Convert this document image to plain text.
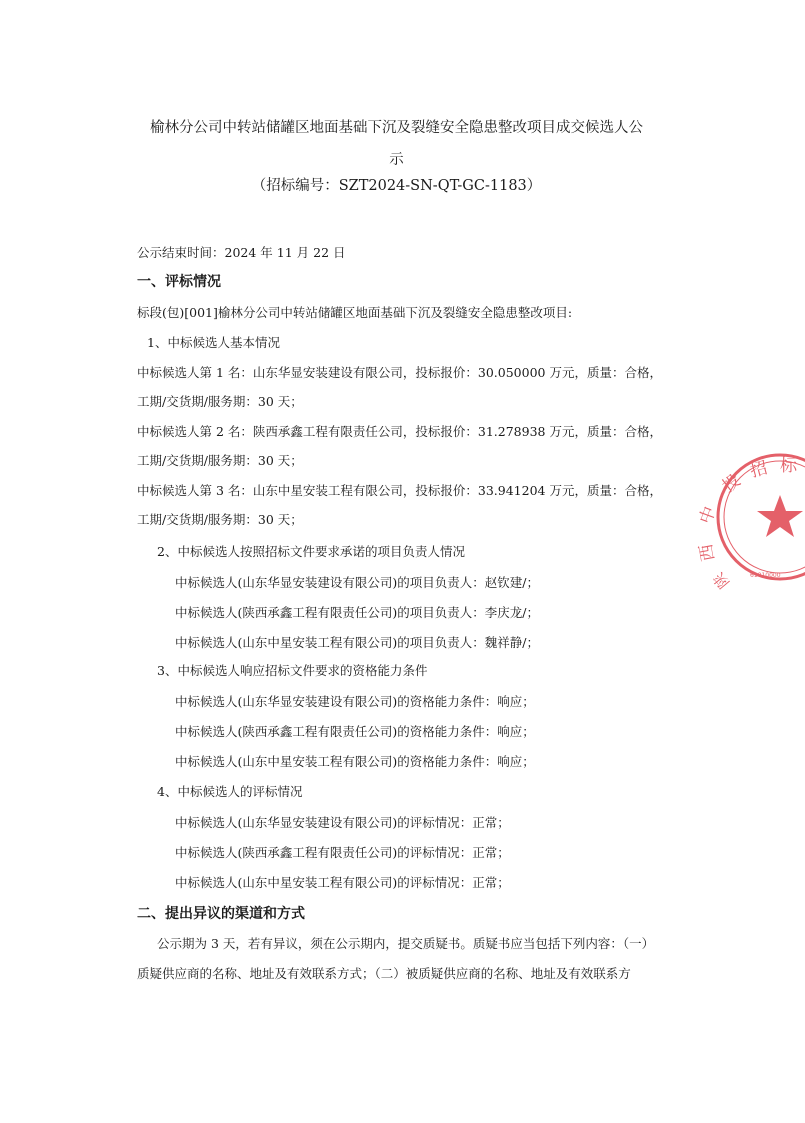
榆林分公司中转站储罐区地面基础下沉及裂缝安全隐患整改项目成交候选人公
示
（招标编号：SZT2024-SN-QT-GC-1183）
公示结束时间：2024 年 11 月 22 日
一、评标情况
标段(包)[001]榆林分公司中转站储罐区地面基础下沉及裂缝安全隐患整改项目:
1、中标候选人基本情况
中标候选人第 1 名：山东华显安装建设有限公司，投标报价：30.050000 万元，质量：合格，
工期/交货期/服务期：30 天；
中标候选人第 2 名：陕西承鑫工程有限责任公司，投标报价：31.278938 万元，质量：合格，
工期/交货期/服务期：30 天；
中标候选人第 3 名：山东中星安装工程有限公司，投标报价：33.941204 万元，质量：合格，
工期/交货期/服务期：30 天；
2、中标候选人按照招标文件要求承诺的项目负责人情况
中标候选人(山东华显安装建设有限公司)的项目负责人：赵钦建/；
中标候选人(陕西承鑫工程有限责任公司)的项目负责人：李庆龙/；
中标候选人(山东中星安装工程有限公司)的项目负责人：魏祥静/；
3、中标候选人响应招标文件要求的资格能力条件
中标候选人(山东华显安装建设有限公司)的资格能力条件：响应；
中标候选人(陕西承鑫工程有限责任公司)的资格能力条件：响应；
中标候选人(山东中星安装工程有限公司)的资格能力条件：响应；
4、中标候选人的评标情况
中标候选人(山东华显安装建设有限公司)的评标情况：正常；
中标候选人(陕西承鑫工程有限责任公司)的评标情况：正常；
中标候选人(山东中星安装工程有限公司)的评标情况：正常；
二、提出异议的渠道和方式
公示期为 3 天，若有异议，须在公示期内，提交质疑书。质疑书应当包括下列内容：（一）
质疑供应商的名称、地址及有效联系方式；（二）被质疑供应商的名称、地址及有效联系方
投
招 标
中
西
陕	61010000
